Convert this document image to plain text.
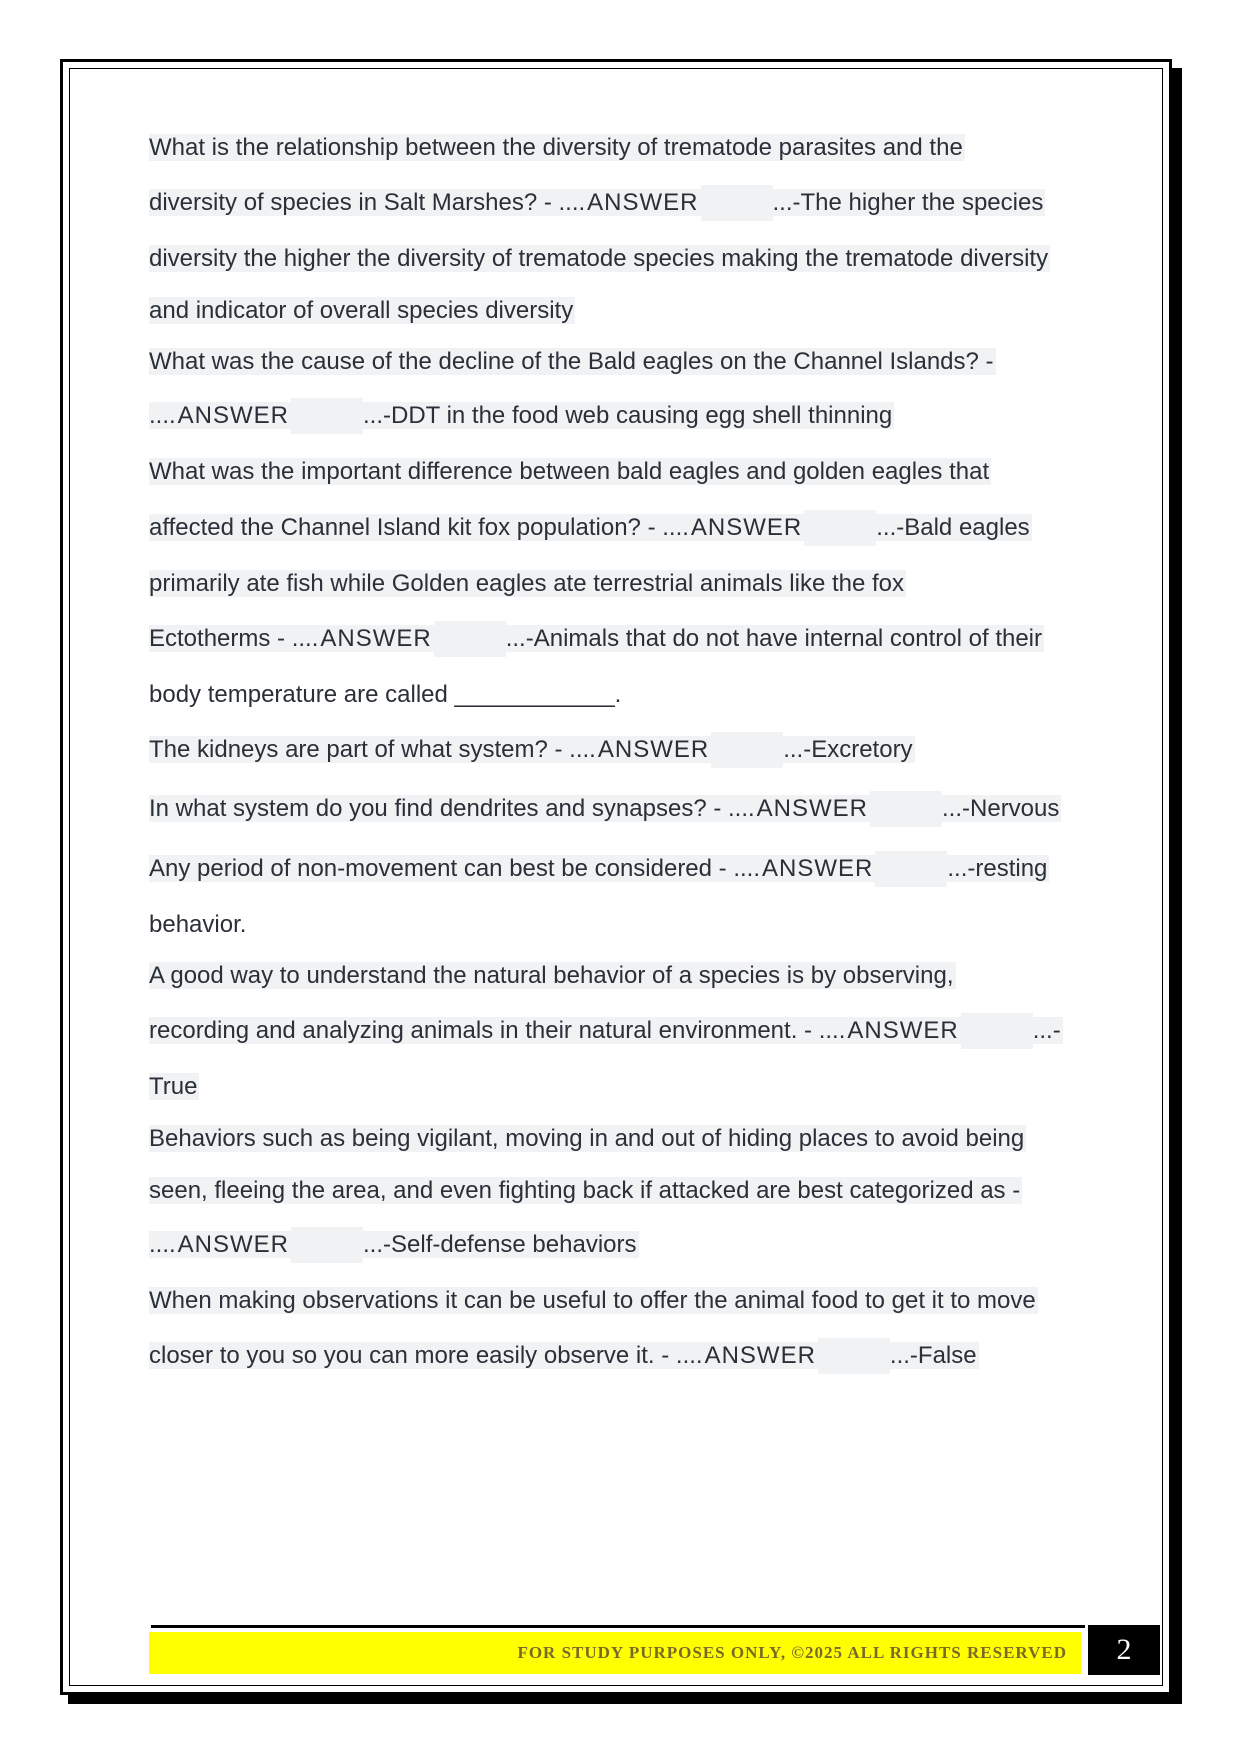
What is the relationship between the diversity of trematode parasites and the
diversity of species in Salt Marshes? - ....ANSWER	...-The higher the species
diversity the higher the diversity of trematode species making the trematode diversity
and indicator of overall species diversity
What was the cause of the decline of the Bald eagles on the Channel Islands? -
....ANSWER	...-DDT in the food web causing egg shell thinning
What was the important difference between bald eagles and golden eagles that
affected the Channel Island kit fox population? - ....ANSWER	...-Bald eagles
primarily ate fish while Golden eagles ate terrestrial animals like the fox
Ectotherms - ....ANSWER	...-Animals that do not have internal control of their
body temperature are called ____________.
The kidneys are part of what system? - ....ANSWER	...-Excretory
In what system do you find dendrites and synapses? - ....ANSWER	...-Nervous
Any period of non-movement can best be considered - ....ANSWER	...-resting
behavior.
A good way to understand the natural behavior of a species is by observing,
recording and analyzing animals in their natural environment. - ....ANSWER	...-
True
Behaviors such as being vigilant, moving in and out of hiding places to avoid being
seen, fleeing the area, and even fighting back if attacked are best categorized as -
....ANSWER	...-Self-defense behaviors
When making observations it can be useful to offer the animal food to get it to move
closer to you so you can more easily observe it. - ....ANSWER	...-False
FOR STUDY PURPOSES ONLY, ©2025 ALL RIGHTS RESERVED	2
